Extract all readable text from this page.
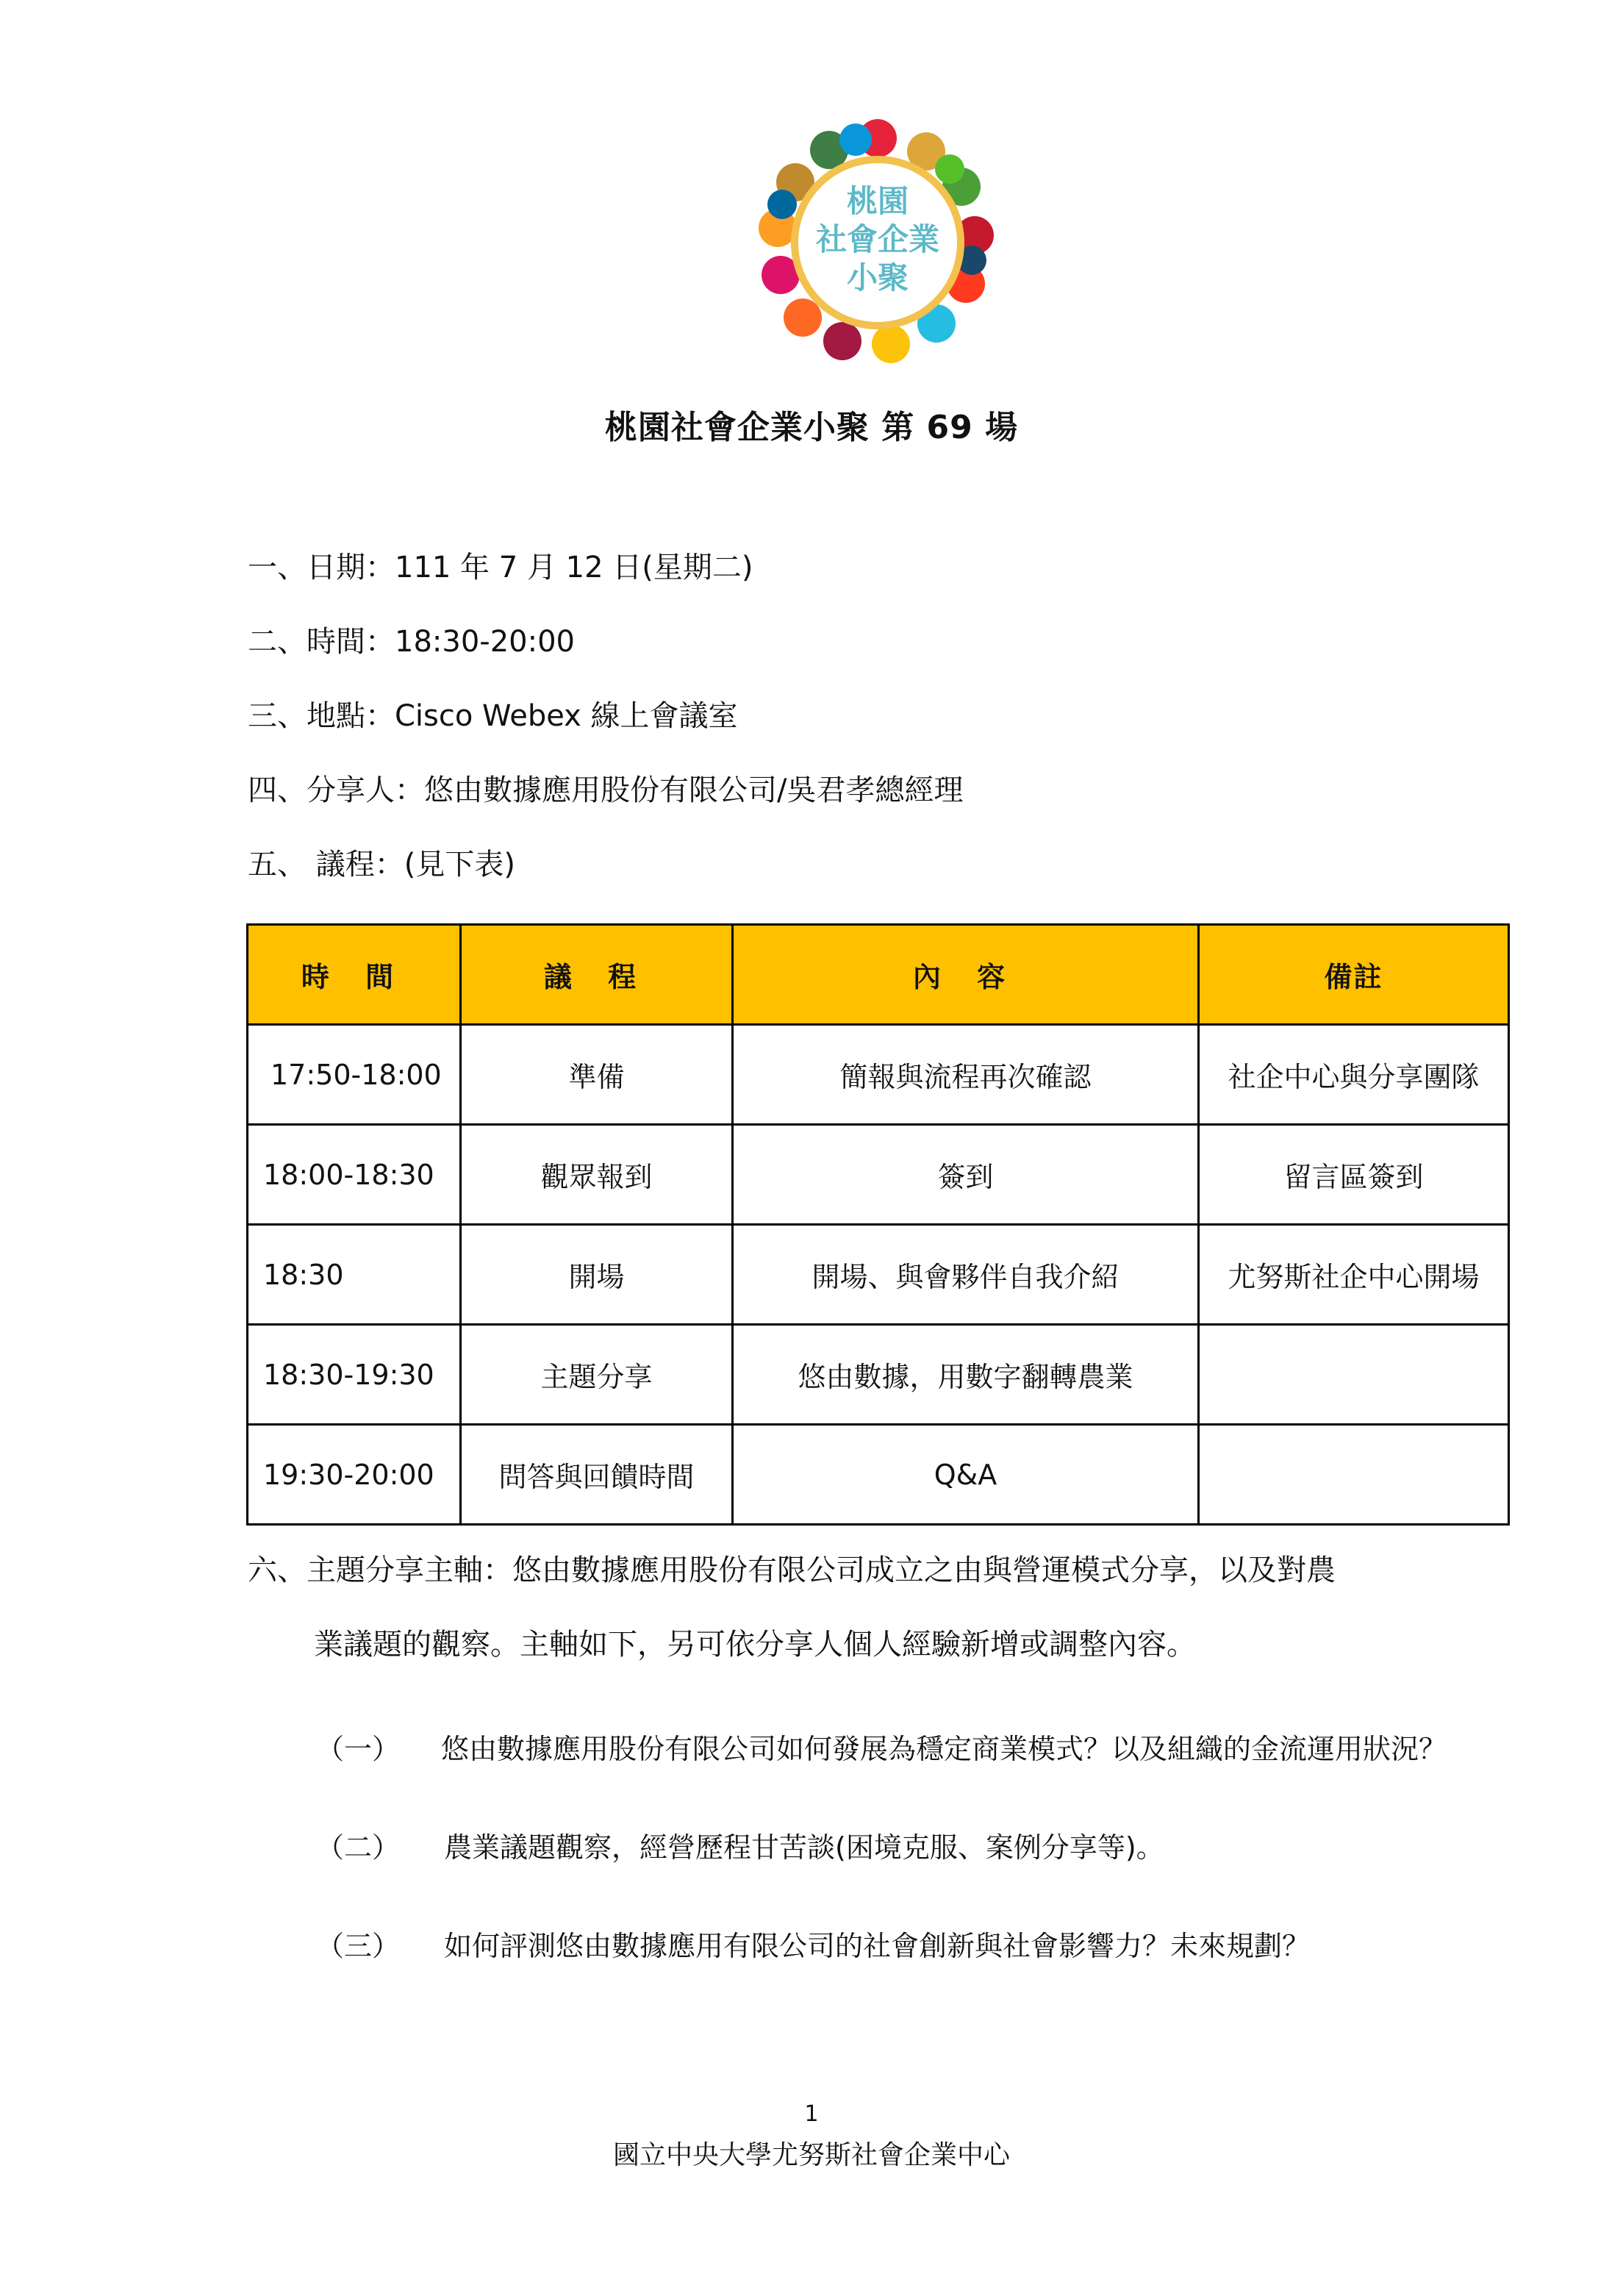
桃園
社會企業
小聚
桃園社會企業小聚 第 69 場
一、日期：111 年 7 月 12 日(星期二)
二、時間：18:30-20:00
三、地點：Cisco Webex 線上會議室
四、分享人：悠由數據應用股份有限公司/吳君孝總經理
五、 議程：(見下表)
時 間	議 程	內 容	備註
17:50-18:00	準備	簡報與流程再次確認	社企中心與分享團隊
18:00-18:30	觀眾報到	簽到	留言區簽到
18:30	開場	開場、與會夥伴自我介紹	尤努斯社企中心開場
18:30-19:30	主題分享	悠由數據，用數字翻轉農業	
19:30-20:00	問答與回饋時間	Q&A	
六、主題分享主軸：悠由數據應用股份有限公司成立之由與營運模式分享，以及對農
業議題的觀察。主軸如下，另可依分享人個人經驗新增或調整內容。
（一） 悠由數據應用股份有限公司如何發展為穩定商業模式？以及組織的金流運用狀況？
（二） 農業議題觀察，經營歷程甘苦談(困境克服、案例分享等)。
（三） 如何評測悠由數據應用有限公司的社會創新與社會影響力？未來規劃？
1
國立中央大學尤努斯社會企業中心
